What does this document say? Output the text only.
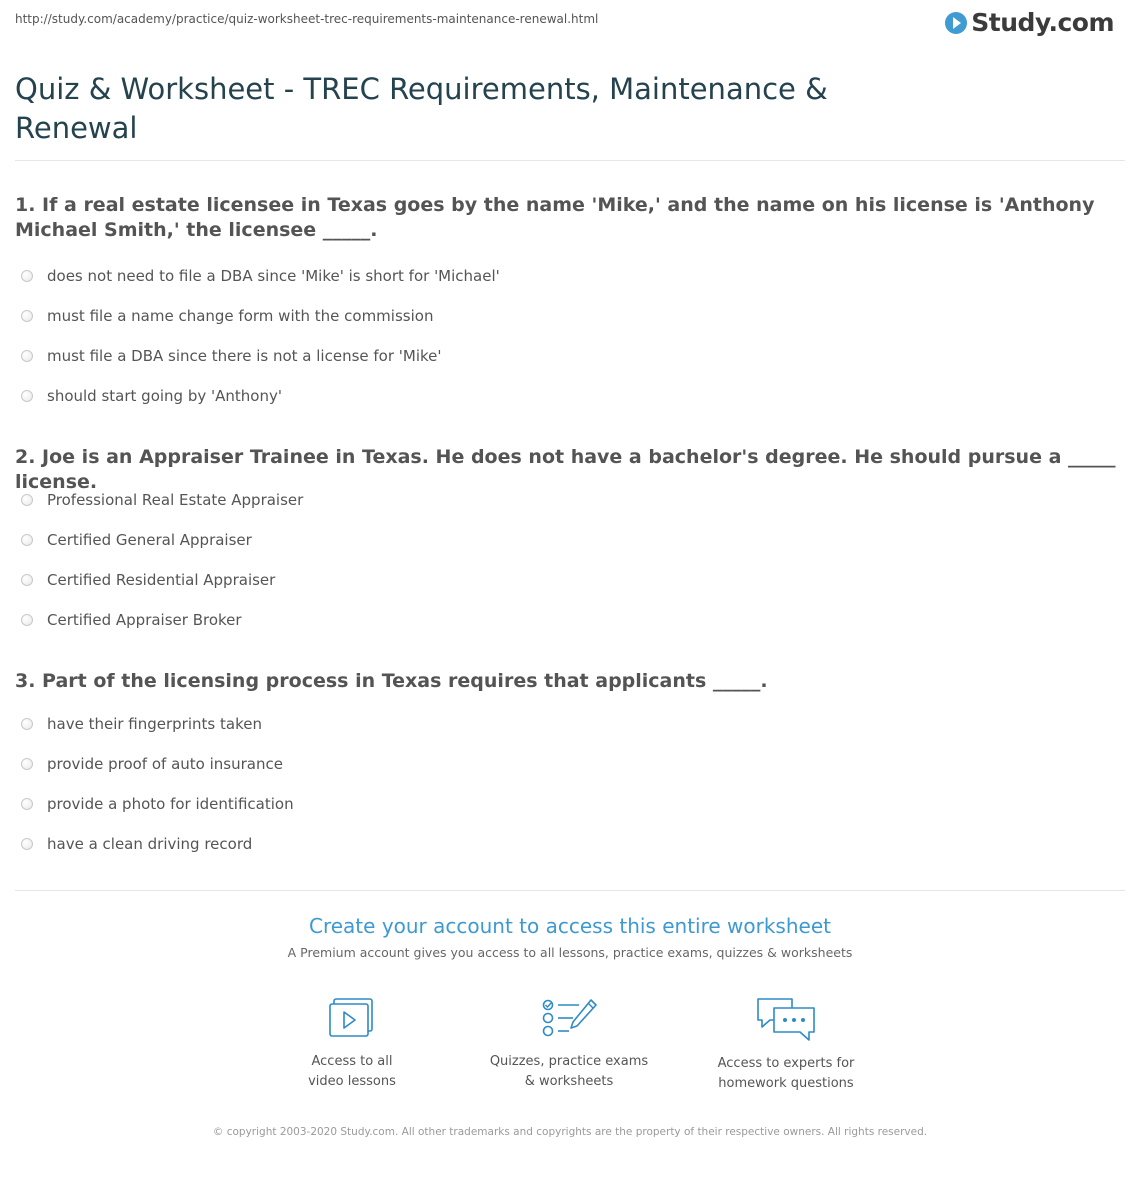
http://study.com/academy/practice/quiz-worksheet-trec-requirements-maintenance-renewal.html	Study.com
Quiz & Worksheet - TREC Requirements, Maintenance & Renewal
1. If a real estate licensee in Texas goes by the name 'Mike,' and the name on his license is 'Anthony Michael Smith,' the licensee _____.
does not need to file a DBA since 'Mike' is short for 'Michael'
must file a name change form with the commission
must file a DBA since there is not a license for 'Mike'
should start going by 'Anthony'
2. Joe is an Appraiser Trainee in Texas. He does not have a bachelor's degree. He should pursue a _____ license.
Professional Real Estate Appraiser
Certified General Appraiser
Certified Residential Appraiser
Certified Appraiser Broker
3. Part of the licensing process in Texas requires that applicants _____.
have their fingerprints taken
provide proof of auto insurance
provide a photo for identification
have a clean driving record
Create your account to access this entire worksheet
A Premium account gives you access to all lessons, practice exams, quizzes & worksheets
Access to all
video lessons
Quizzes, practice exams
& worksheets
Access to experts for
homework questions
© copyright 2003-2020 Study.com. All other trademarks and copyrights are the property of their respective owners. All rights reserved.
